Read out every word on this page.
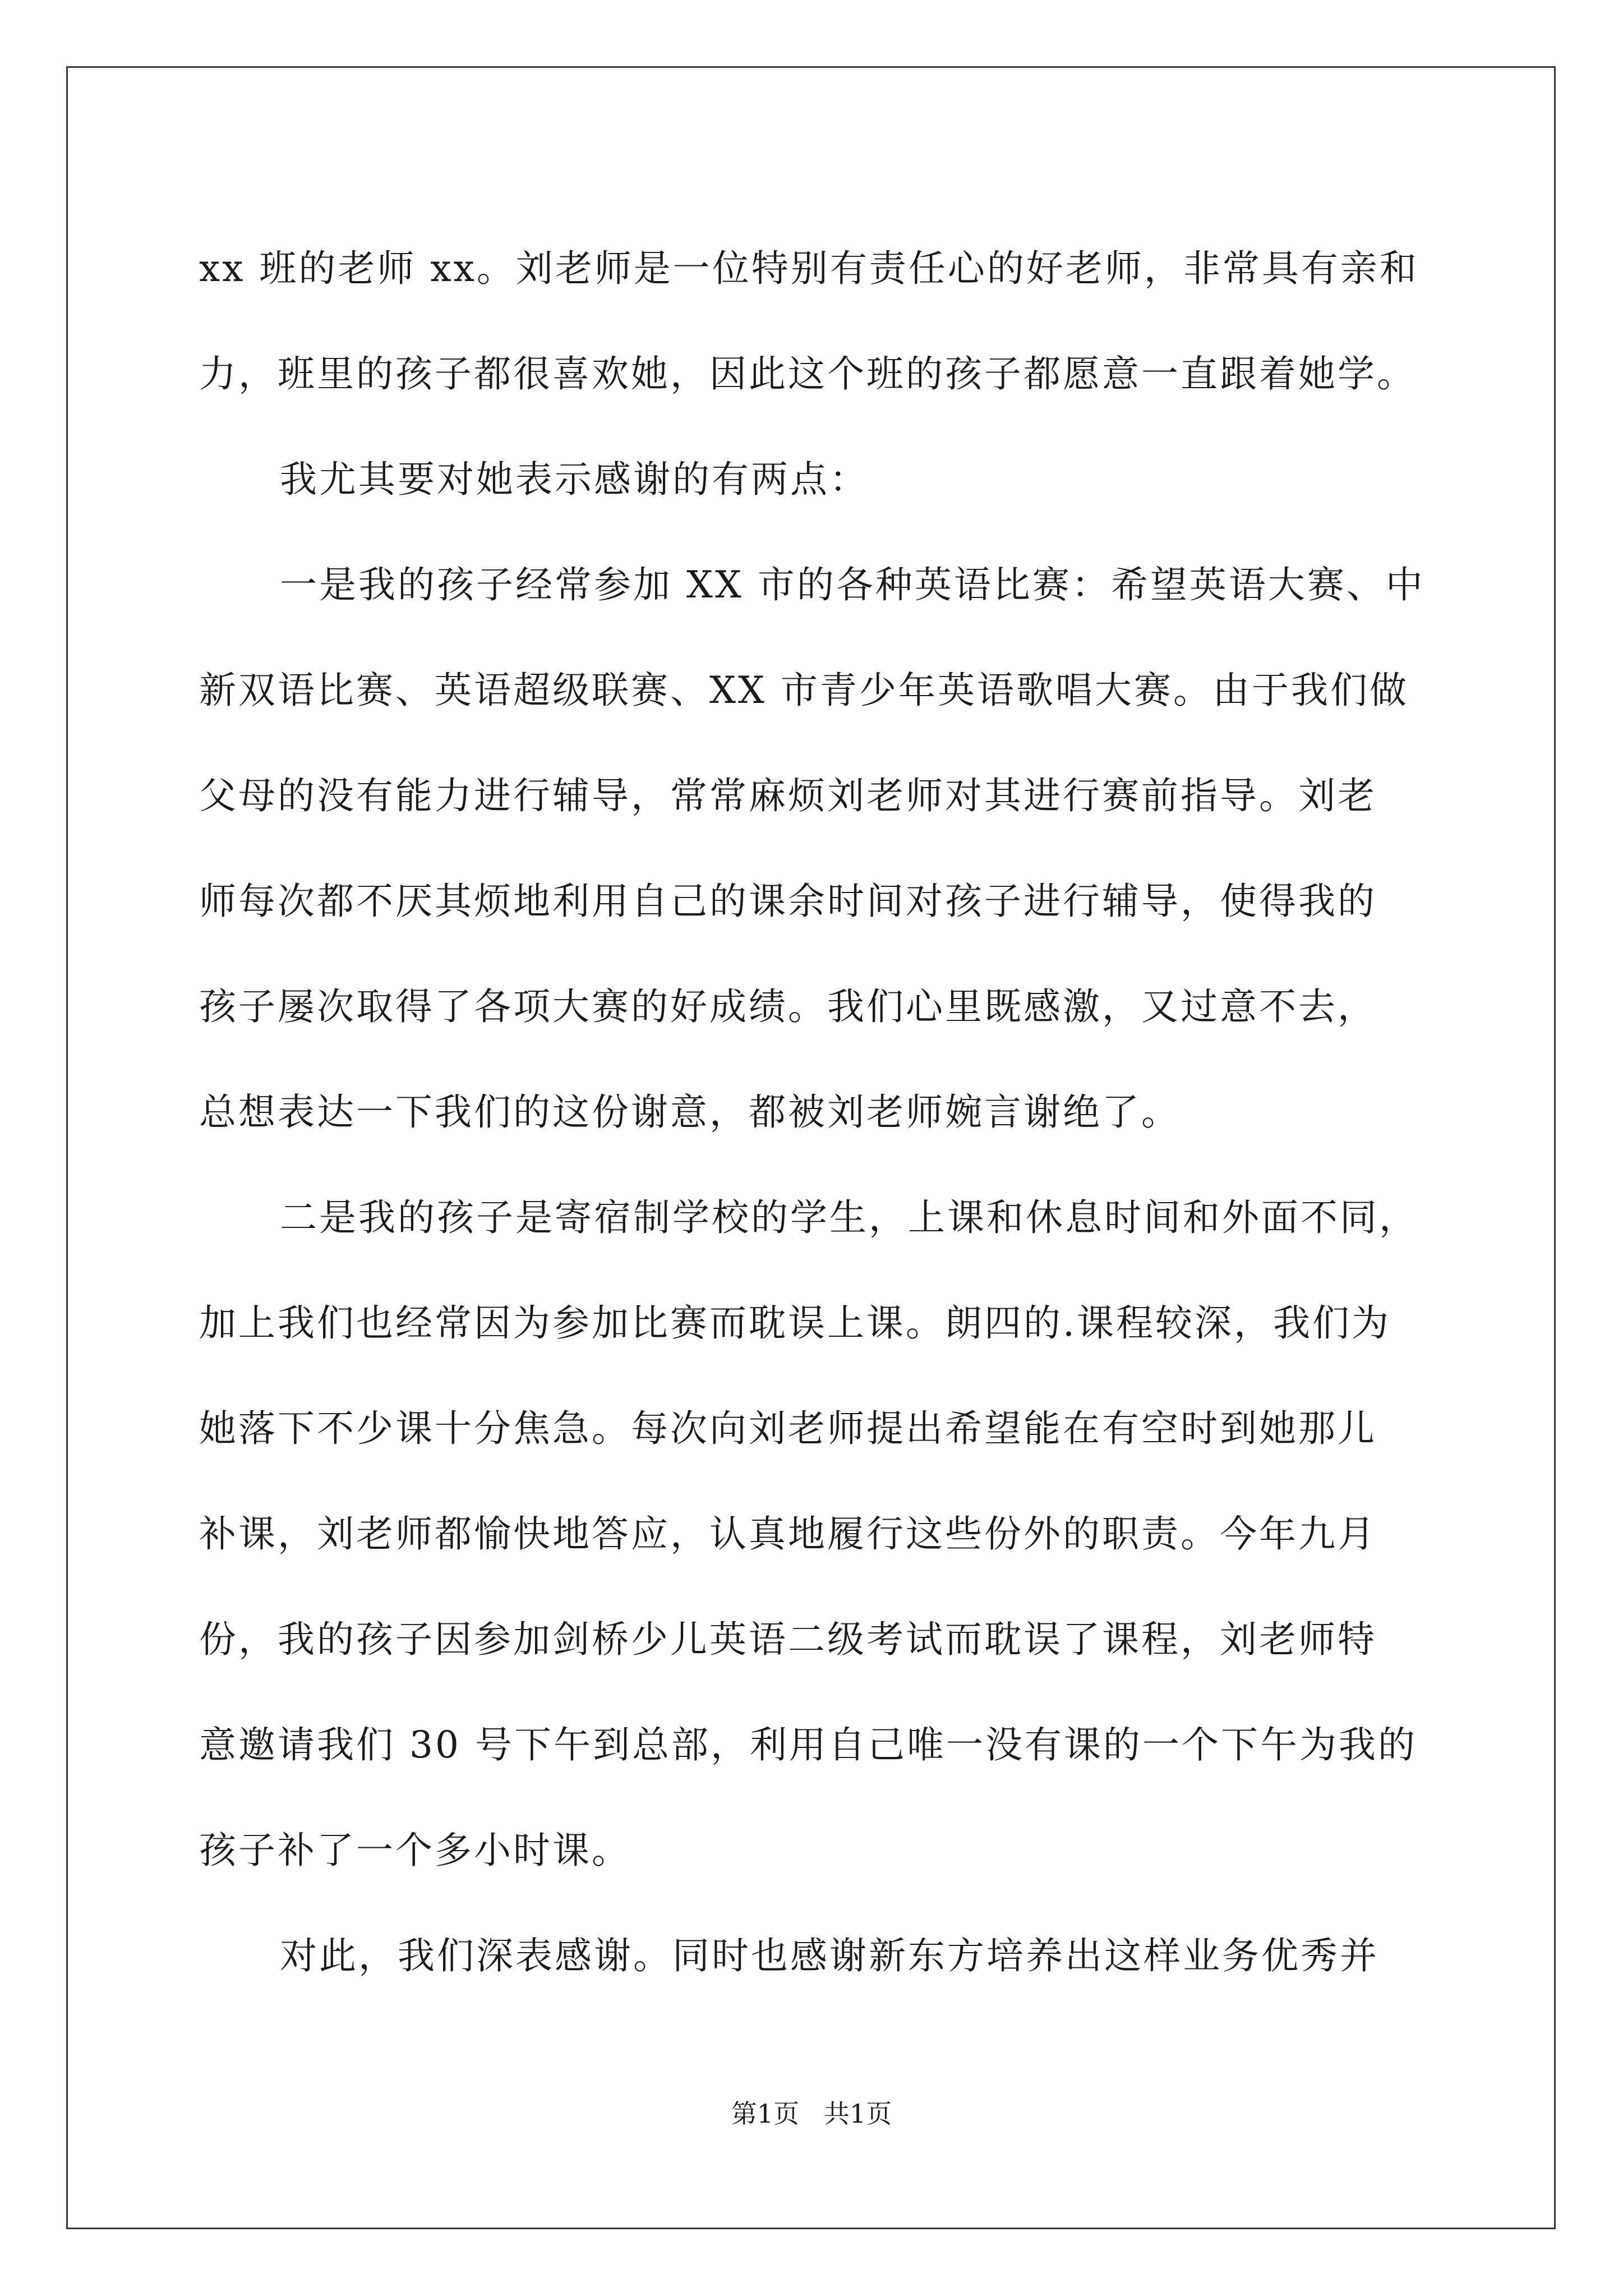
xx 班的老师 xx。刘老师是一位特别有责任心的好老师，非常具有亲和
力，班里的孩子都很喜欢她，因此这个班的孩子都愿意一直跟着她学。
我尤其要对她表示感谢的有两点：
一是我的孩子经常参加 XX 市的各种英语比赛：希望英语大赛、中
新双语比赛、英语超级联赛、XX 市青少年英语歌唱大赛。由于我们做
父母的没有能力进行辅导，常常麻烦刘老师对其进行赛前指导。刘老
师每次都不厌其烦地利用自己的课余时间对孩子进行辅导，使得我的
孩子屡次取得了各项大赛的好成绩。我们心里既感激，又过意不去，
总想表达一下我们的这份谢意，都被刘老师婉言谢绝了。
二是我的孩子是寄宿制学校的学生，上课和休息时间和外面不同，
加上我们也经常因为参加比赛而耽误上课。朗四的.课程较深，我们为
她落下不少课十分焦急。每次向刘老师提出希望能在有空时到她那儿
补课，刘老师都愉快地答应，认真地履行这些份外的职责。今年九月
份，我的孩子因参加剑桥少儿英语二级考试而耽误了课程，刘老师特
意邀请我们 30 号下午到总部，利用自己唯一没有课的一个下午为我的
孩子补了一个多小时课。
对此，我们深表感谢。同时也感谢新东方培养出这样业务优秀并
第1页   共1页
